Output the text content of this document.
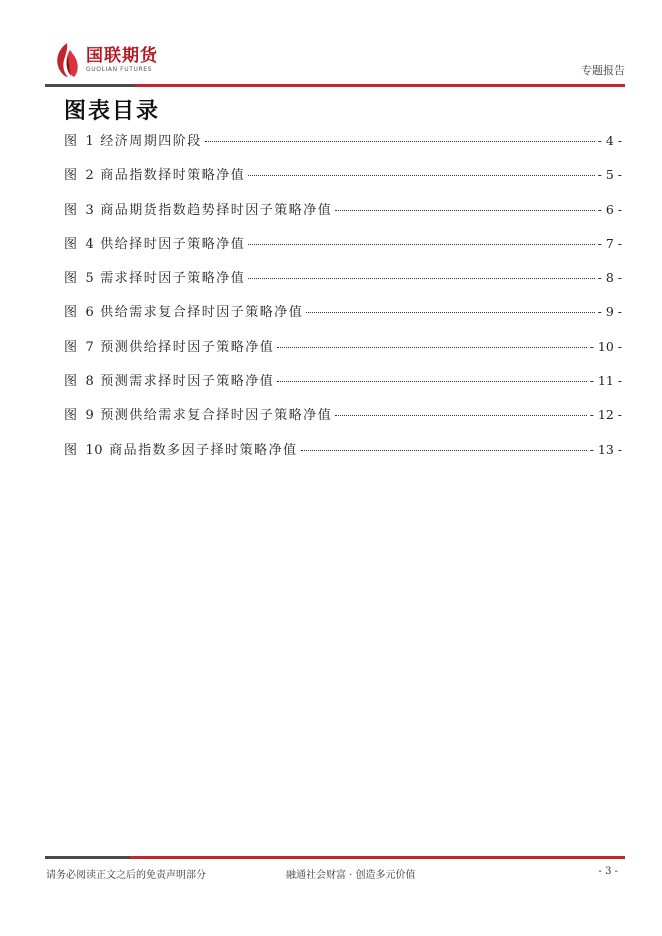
国联期货
GUOLIAN FUTURES	专题报告
图表目录
图 1 经济周期四阶段	- 4 -
图 2 商品指数择时策略净值	- 5 -
图 3 商品期货指数趋势择时因子策略净值	- 6 -
图 4 供给择时因子策略净值	- 7 -
图 5 需求择时因子策略净值	- 8 -
图 6 供给需求复合择时因子策略净值	- 9 -
图 7 预测供给择时因子策略净值	- 10 -
图 8 预测需求择时因子策略净值	- 11 -
图 9 预测供给需求复合择时因子策略净值	- 12 -
图 10 商品指数多因子择时策略净值	- 13 -
请务必阅读正文之后的免责声明部分	融通社会财富 · 创造多元价值	- 3 -
